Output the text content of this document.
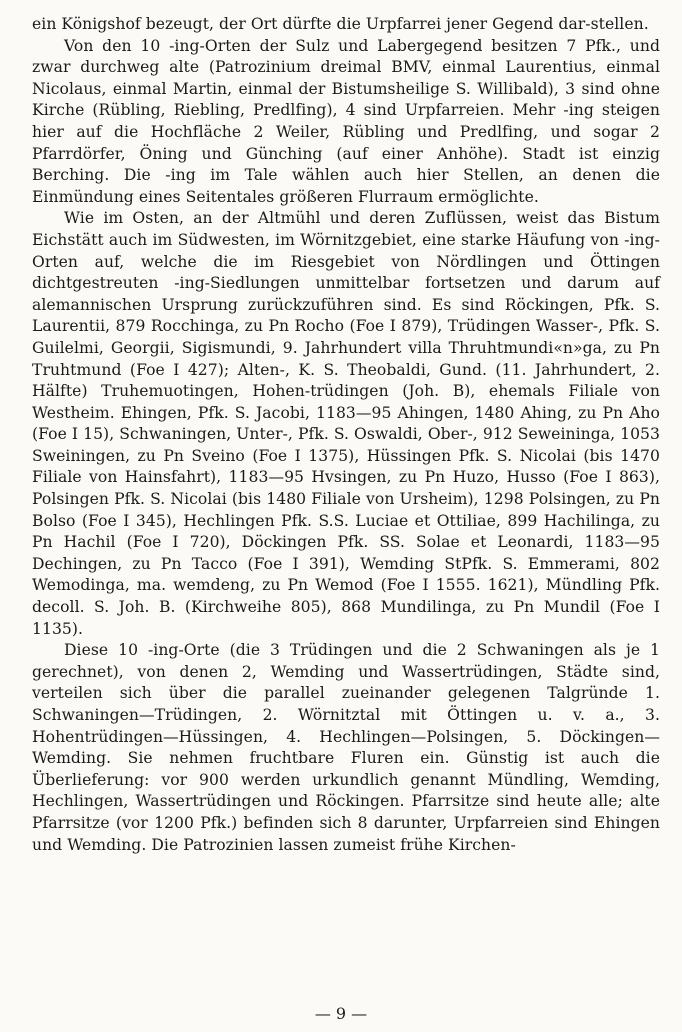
ein Königshof bezeugt, der Ort dürfte die Urpfarrei jener Gegend dar-stellen.

Von den 10 -ing-Orten der Sulz und Labergegend besitzen 7 Pfk., und zwar durchweg alte (Patrozinium dreimal BMV, einmal Laurentius, einmal Nicolaus, einmal Martin, einmal der Bistumsheilige S. Willibald), 3 sind ohne Kirche (Rübling, Riebling, Predlfing), 4 sind Urpfarreien. Mehr -ing steigen hier auf die Hochfläche 2 Weiler, Rübling und Predlfing, und sogar 2 Pfarrdörfer, Öning und Günching (auf einer Anhöhe). Stadt ist einzig Berching. Die -ing im Tale wählen auch hier Stellen, an denen die Einmündung eines Seitentales größeren Flurraum ermöglichte.

Wie im Osten, an der Altmühl und deren Zuflüssen, weist das Bistum Eichstätt auch im Südwesten, im Wörnitzgebiet, eine starke Häufung von -ing-Orten auf, welche die im Riesgebiet von Nördlingen und Öttingen dichtgestreuten -ing-Siedlungen unmittelbar fortsetzen und darum auf alemannischen Ursprung zurückzuführen sind. Es sind Röckingen, Pfk. S. Laurentii, 879 Rocchinga, zu Pn Rocho (Foe I 879), Trüdingen Wasser-, Pfk. S. Guilelmi, Georgii, Sigismundi, 9. Jahrhundert villa Thruhtmundi«n»ga, zu Pn Truhtmund (Foe I 427); Alten-, K. S. Theobaldi, Gund. (11. Jahrhundert, 2. Hälfte) Truhemuotingen, Hohen-trüdingen (Joh. B), ehemals Filiale von Westheim. Ehingen, Pfk. S. Jacobi, 1183—95 Ahingen, 1480 Ahing, zu Pn Aho (Foe I 15), Schwaningen, Unter-, Pfk. S. Oswaldi, Ober-, 912 Seweininga, 1053 Sweiningen, zu Pn Sveino (Foe I 1375), Hüssingen Pfk. S. Nicolai (bis 1470 Filiale von Hainsfahrt), 1183—95 Hvsingen, zu Pn Huzo, Husso (Foe I 863), Polsingen Pfk. S. Nicolai (bis 1480 Filiale von Ursheim), 1298 Polsingen, zu Pn Bolso (Foe I 345), Hechlingen Pfk. S.S. Luciae et Ottiliae, 899 Hachilinga, zu Pn Hachil (Foe I 720), Döckingen Pfk. SS. Solae et Leonardi, 1183—95 Dechingen, zu Pn Tacco (Foe I 391), Wemding StPfk. S. Emmerami, 802 Wemodinga, ma. wemdeng, zu Pn Wemod (Foe I 1555. 1621), Mündling Pfk. decoll. S. Joh. B. (Kirchweihe 805), 868 Mundilinga, zu Pn Mundil (Foe I 1135).

Diese 10 -ing-Orte (die 3 Trüdingen und die 2 Schwaningen als je 1 gerechnet), von denen 2, Wemding und Wassertrüdingen, Städte sind, verteilen sich über die parallel zueinander gelegenen Talgründe 1. Schwaningen—Trüdingen, 2. Wörnitztal mit Öttingen u. v. a., 3. Hohentrüdingen—Hüssingen, 4. Hechlingen—Polsingen, 5. Döckingen—Wemding. Sie nehmen fruchtbare Fluren ein. Günstig ist auch die Überlieferung: vor 900 werden urkundlich genannt Mündling, Wemding, Hechlingen, Wassertrüdingen und Röckingen. Pfarrsitze sind heute alle; alte Pfarrsitze (vor 1200 Pfk.) befinden sich 8 darunter, Urpfarreien sind Ehingen und Wemding. Die Patrozinien lassen zumeist frühe Kirchen-

— 9 —
